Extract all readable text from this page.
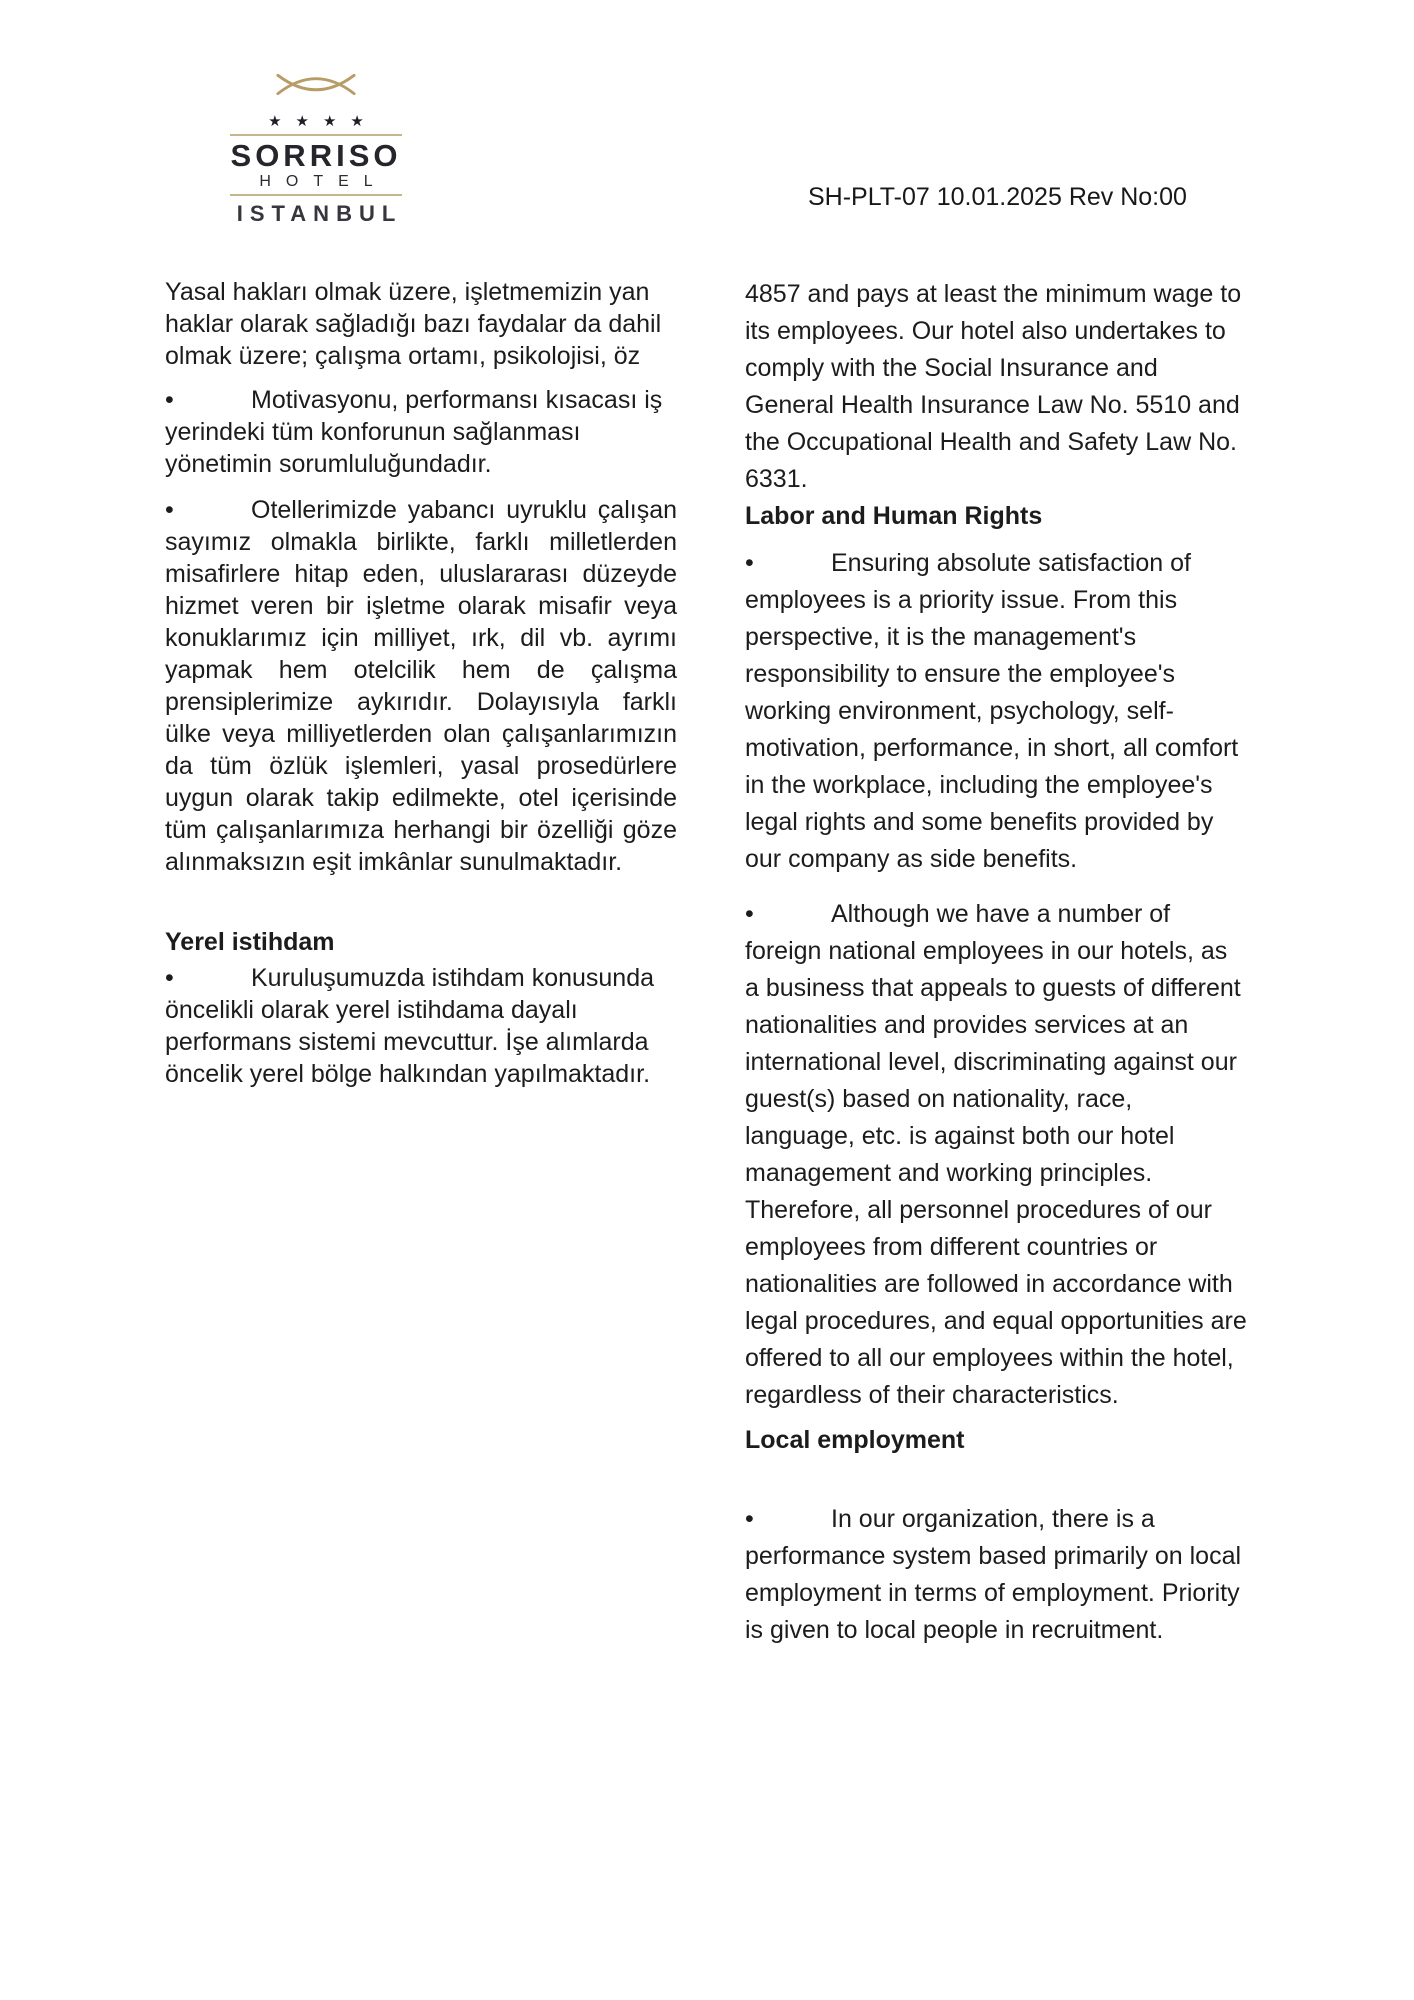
★★★★
SORRISO
HOTEL
ISTANBUL
SH-PLT-07 10.01.2025 Rev No:00

Yasal hakları olmak üzere, işletmemizin yan haklar olarak sağladığı bazı faydalar da dahil olmak üzere; çalışma ortamı, psikolojisi, öz

•	Motivasyonu, performansı kısacası iş yerindeki tüm konforunun sağlanması yönetimin sorumluluğundadır.

•	Otellerimizde yabancı uyruklu çalışan sayımız olmakla birlikte, farklı milletlerden misafirlere hitap eden, uluslararası düzeyde hizmet veren bir işletme olarak misafir veya konuklarımız için milliyet, ırk, dil vb. ayrımı yapmak hem otelcilik hem de çalışma prensiplerimize aykırıdır. Dolayısıyla farklı ülke veya milliyetlerden olan çalışanlarımızın da tüm özlük işlemleri, yasal prosedürlere uygun olarak takip edilmekte, otel içerisinde tüm çalışanlarımıza herhangi bir özelliği göze alınmaksızın eşit imkânlar sunulmaktadır.

Yerel istihdam

•	Kuruluşumuzda istihdam konusunda öncelikli olarak yerel istihdama dayalı performans sistemi mevcuttur. İşe alımlarda öncelik yerel bölge halkından yapılmaktadır.

4857 and pays at least the minimum wage to its employees. Our hotel also undertakes to comply with the Social Insurance and General Health Insurance Law No. 5510 and the Occupational Health and Safety Law No. 6331.

Labor and Human Rights

•	Ensuring absolute satisfaction of employees is a priority issue. From this perspective, it is the management's responsibility to ensure the employee's working environment, psychology, self-motivation, performance, in short, all comfort in the workplace, including the employee's legal rights and some benefits provided by our company as side benefits.

•	Although we have a number of foreign national employees in our hotels, as a business that appeals to guests of different nationalities and provides services at an international level, discriminating against our guest(s) based on nationality, race, language, etc. is against both our hotel management and working principles. Therefore, all personnel procedures of our employees from different countries or nationalities are followed in accordance with legal procedures, and equal opportunities are offered to all our employees within the hotel, regardless of their characteristics.

Local employment

•	In our organization, there is a performance system based primarily on local employment in terms of employment. Priority is given to local people in recruitment.
